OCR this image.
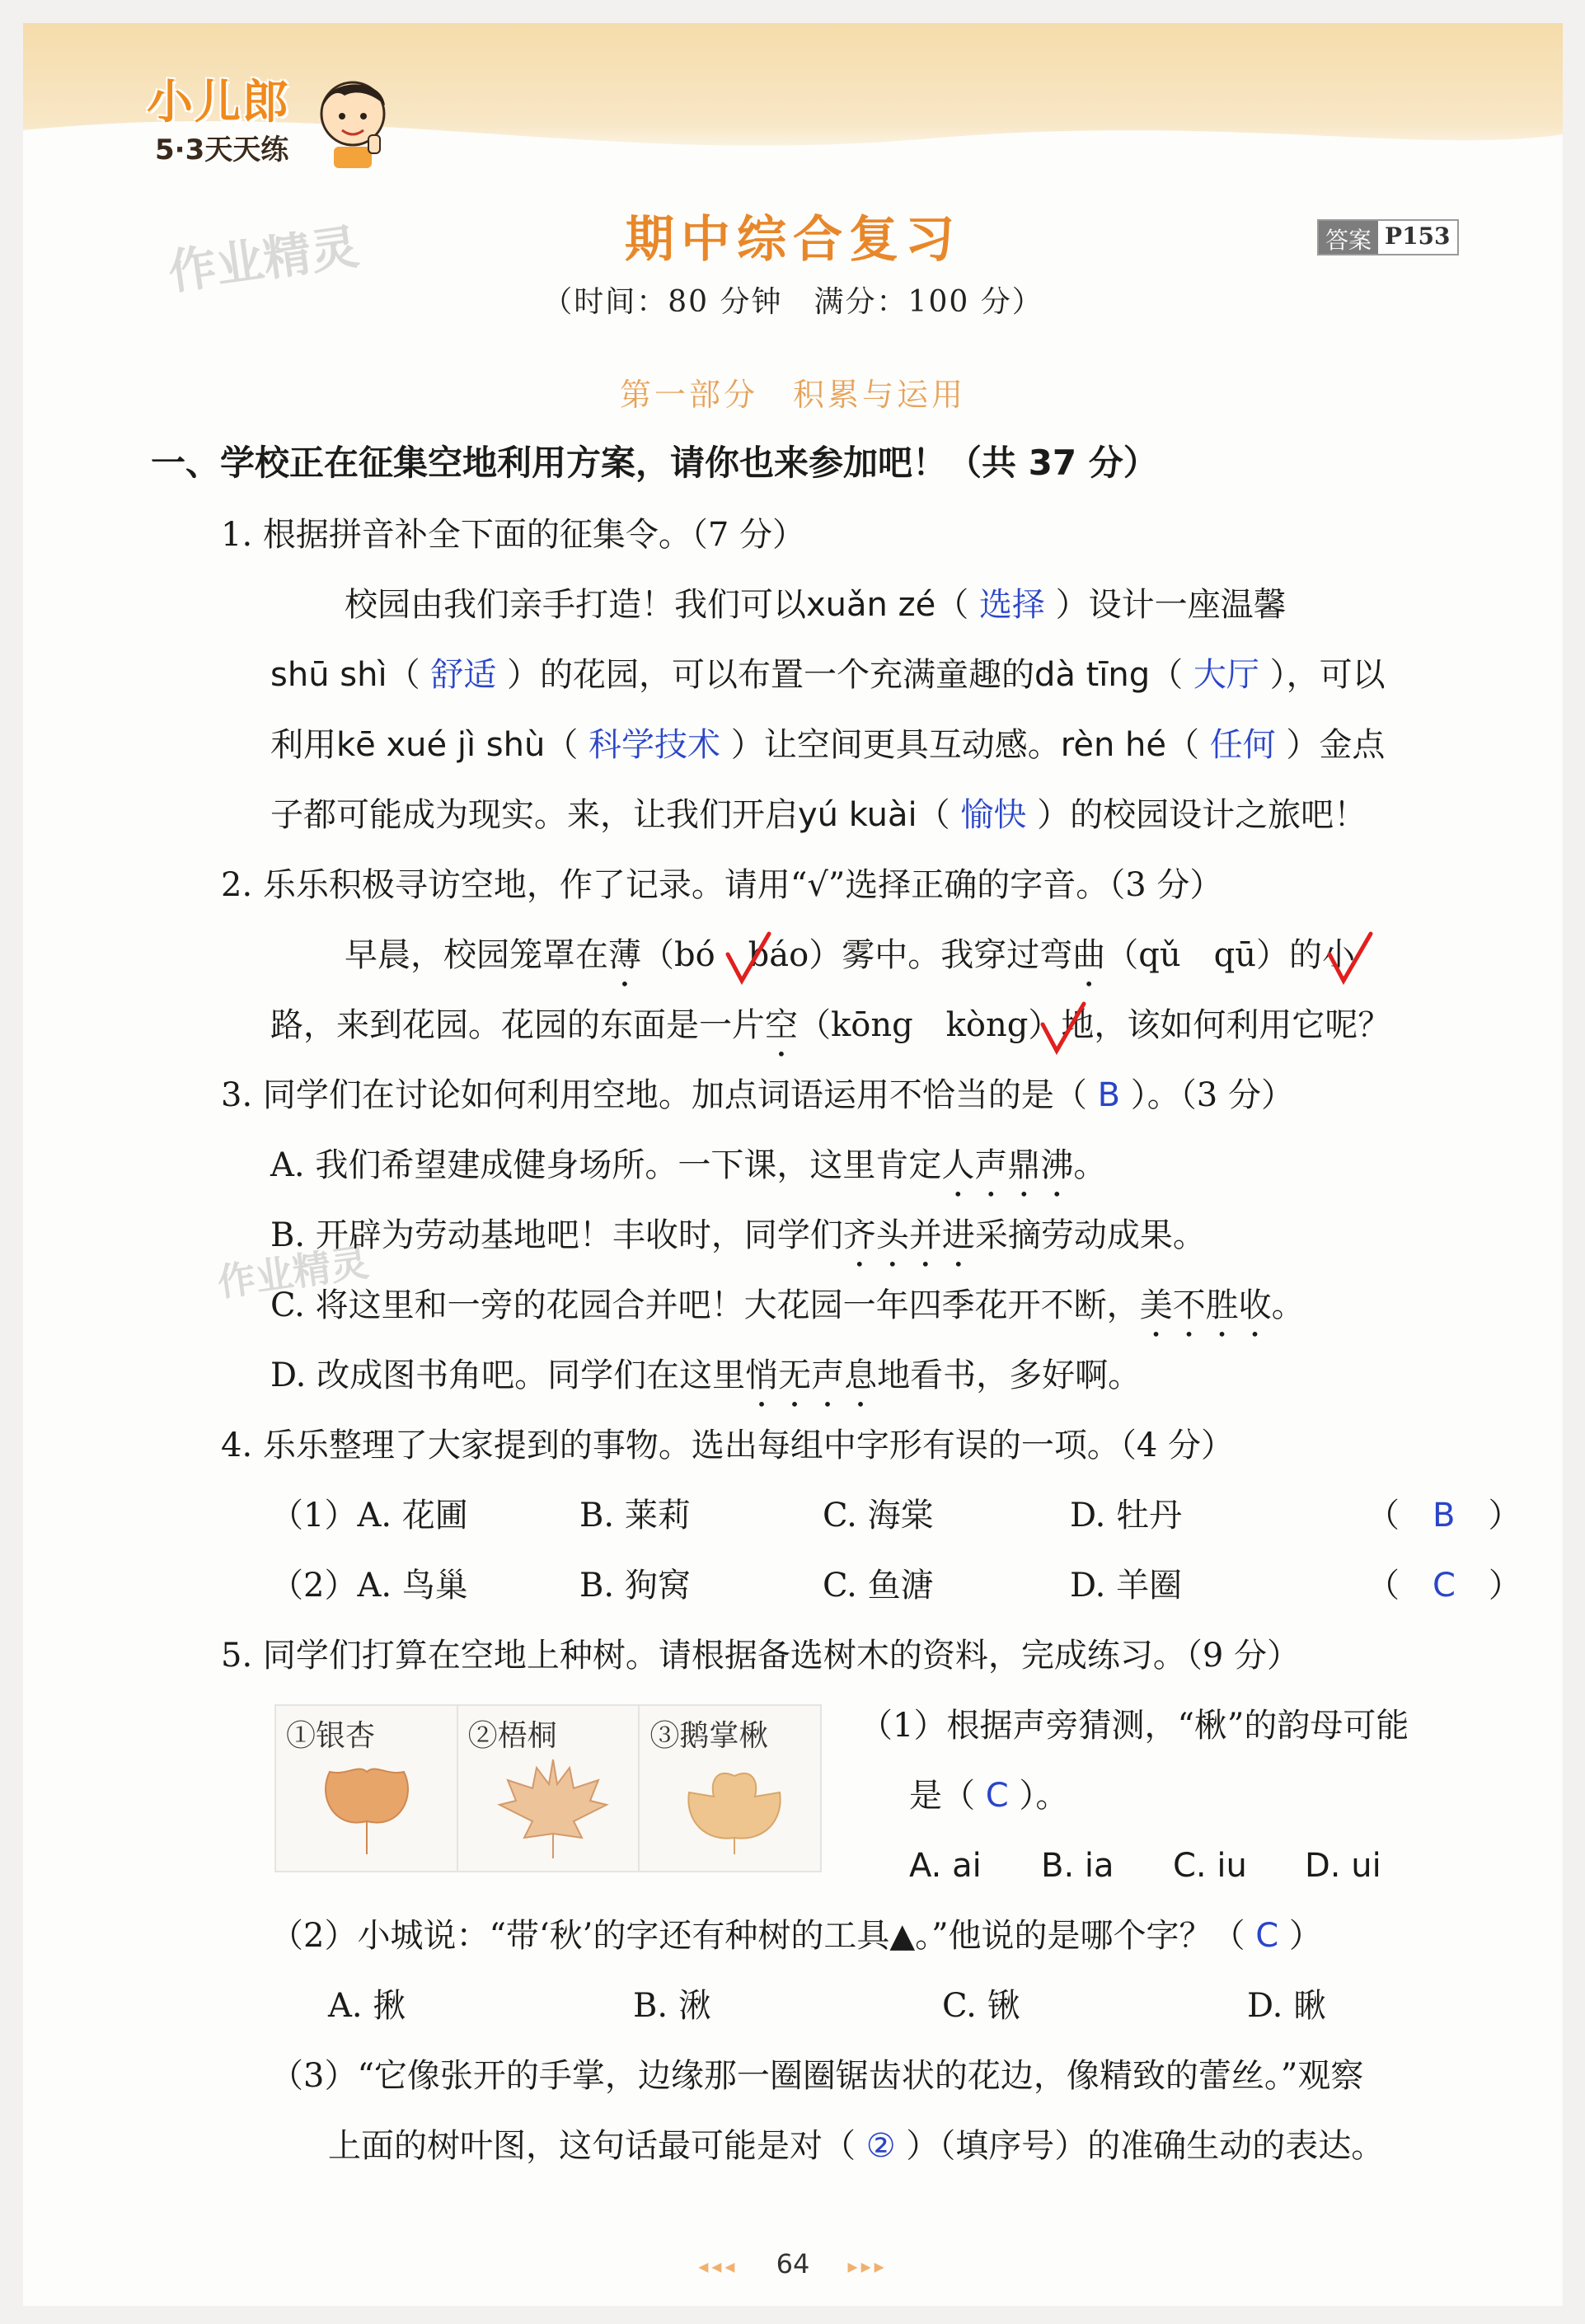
小儿郎
5·3天天练
作业精灵
作业精灵
期中综合复习	答案 P153
（时间：80 分钟　满分：100 分）
第一部分　积累与运用
一、学校正在征集空地利用方案，请你也来参加吧！（共 37 分）
1. 根据拼音补全下面的征集令。（7 分）
校园由我们亲手打造！我们可以xuǎn zé（ 选择 ）设计一座温馨
shū shì（ 舒适 ）的花园，可以布置一个充满童趣的dà tīng（ 大厅 ），可以
利用kē xué jì shù（ 科学技术 ）让空间更具互动感。rèn hé（ 任何 ）金点
子都可能成为现实。来，让我们开启yú kuài（ 愉快 ）的校园设计之旅吧！
2. 乐乐积极寻访空地，作了记录。请用“√”选择正确的字音。（3 分）
早晨，校园笼罩在薄（bó　báo）雾中。我穿过弯曲（qǔ　qū）的小
路，来到花园。花园的东面是一片空（kōng　kòng）地，该如何利用它呢？
3. 同学们在讨论如何利用空地。加点词语运用不恰当的是（ B ）。（3 分）
A. 我们希望建成健身场所。一下课，这里肯定人声鼎沸。
B. 开辟为劳动基地吧！丰收时，同学们齐头并进采摘劳动成果。
C. 将这里和一旁的花园合并吧！大花园一年四季花开不断，美不胜收。
D. 改成图书角吧。同学们在这里悄无声息地看书，多好啊。
4. 乐乐整理了大家提到的事物。选出每组中字形有误的一项。（4 分）
（1）A. 花圃	B. 莱莉	C. 海棠	D. 牡丹	（　B　）
（2）A. 鸟巢	B. 狗窝	C. 鱼溏	D. 羊圈	（　C　）
5. 同学们打算在空地上种树。请根据备选树木的资料，完成练习。（9 分）
①银杏	②梧桐	③鹅掌楸	（1）根据声旁猜测，“楸”的韵母可能
是（ C ）。
A. ai B. ia C. iu D. ui
（2）小城说：“带‘秋’的字还有种树的工具▲。”他说的是哪个字？（ C ）
A. 揪	B. 湫	C. 锹	D. 瞅
（3）“它像张开的手掌，边缘那一圈圈锯齿状的花边，像精致的蕾丝。”观察
上面的树叶图，这句话最可能是对（ ② ）（填序号）的准确生动的表达。
◂◂◂ 64 ▸▸▸
